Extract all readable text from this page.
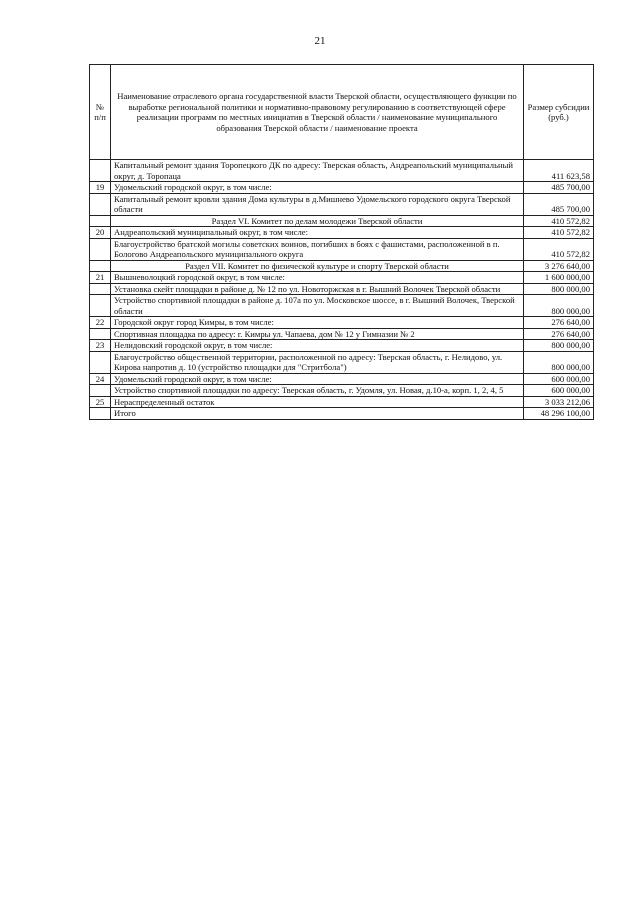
21
№ п/п	Наименование отраслевого органа государственной власти Тверской области, осуществляющего функции по выработке региональной политики и нормативно-правовому регулированию в соответствующей сфере реализации программ по местных инициатив в Тверской области / наименование муниципального образования Тверской области / наименование проекта	Размер субсидии (руб.)
	Капитальный ремонт здания Торопецкого ДК по адресу: Тверская область, Андреапольский муниципальный округ, д. Торопаца	411 623,58
19	Удомельский городской округ, в том числе:	485 700,00
	Капитальный ремонт кровли здания Дома культуры в д.Мишнево Удомельского городского округа Тверской области	485 700,00
	Раздел VI. Комитет по делам молодежи Тверской области	410 572,82
20	Андреапольский муниципальный округ, в том числе:	410 572,82
	Благоустройство братской могилы советских воинов, погибших в боях с фашистами, расположенной в п. Бологово Андреапольского муниципального округа	410 572,82
	Раздел VII. Комитет по физической культуре и спорту Тверской области	3 276 640,00
21	Вышневолоцкий городской округ, в том числе:	1 600 000,00
	Установка скейт площадки в районе д. № 12 по ул. Новоторжская в г. Вышний Волочек Тверской области	800 000,00
	Устройство спортивной площадки в районе д. 107а по ул. Московское шоссе, в г. Вышний Волочек, Тверской области	800 000,00
22	Городской округ город Кимры, в том числе:	276 640,00
	Спортивная площадка по адресу: г. Кимры ул. Чапаева, дом № 12 у Гимназии № 2	276 640,00
23	Нелидовский городской округ, в том числе:	800 000,00
	Благоустройство общественной территории, расположенной по адресу: Тверская область, г. Нелидово, ул. Кирова напротив д. 10 (устройство площадки для "Стритбола")	800 000,00
24	Удомельский городской округ, в том числе:	600 000,00
	Устройство спортивной площадки по адресу: Тверская область, г. Удомля, ул. Новая, д.10-а, корп. 1, 2, 4, 5	600 000,00
25	Нераспределенный остаток	3 033 212,06
	Итого	48 296 100,00
